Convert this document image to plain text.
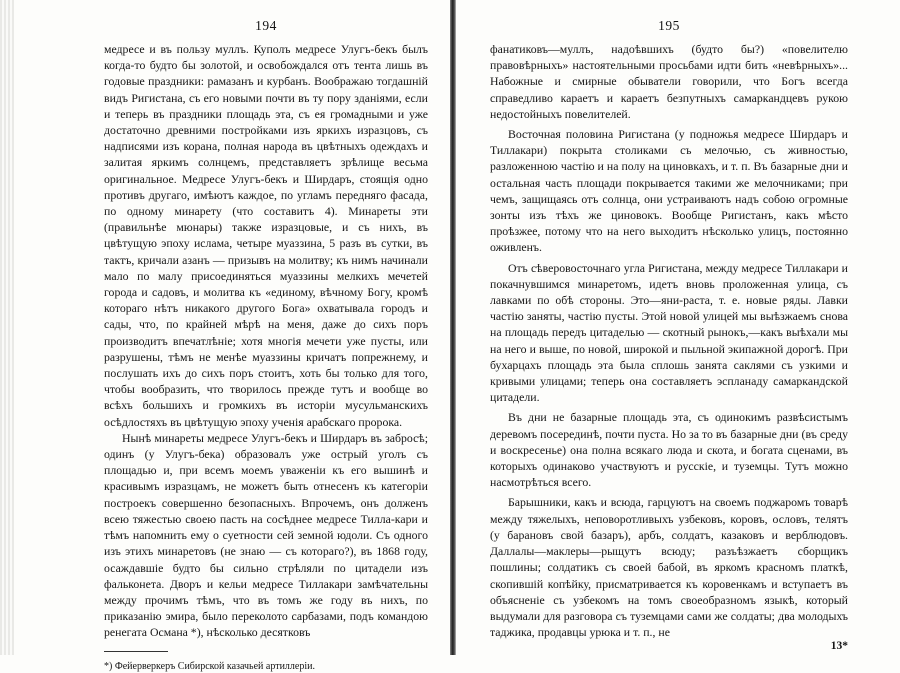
194

медресе и въ пользу муллъ. Куполъ медресе Улугъ-бекъ былъ когда-то будто бы золотой, и освобождался отъ тента лишь въ годовые праздники: рамазанъ и курбанъ. Воображаю тогдашній видъ Ригистана, съ его новыми почти въ ту пору зданіями, если и теперь въ праздники площадь эта, съ ея громадными и уже достаточно древними постройками изъ яркихъ изразцовъ, съ надписями изъ корана, полная народа въ цвѣтныхъ одеждахъ и залитая яркимъ солнцемъ, представляетъ зрѣлище весьма оригинальное. Медресе Улугъ-бекъ и Ширдаръ, стоящія одно противъ другаго, имѣютъ каждое, по угламъ передняго фасада, по одному минарету (что составитъ 4). Минареты эти (правильнѣе мюнары) также изразцовые, и съ нихъ, въ цвѣтущую эпоху ислама, четыре муаззина, 5 разъ въ сутки, въ тактъ, кричали азанъ — призывъ на молитву; къ нимъ начинали мало по малу присоединяться муаззины мелкихъ мечетей города и садовъ, и молитва къ «единому, вѣчному Богу, кромѣ котораго нѣтъ никакого другого Бога» охватывала городъ и сады, что, по крайней мѣрѣ на меня, даже до сихъ поръ производитъ впечатлѣніе; хотя многія мечети уже пусты, или разрушены, тѣмъ не менѣе муаззины кричатъ попрежнему, и послушать ихъ до сихъ поръ стоитъ, хоть бы только для того, чтобы вообразить, что творилось прежде тутъ и вообще во всѣхъ большихъ и громкихъ въ исторіи мусульманскихъ осѣдлостяхъ въ цвѣтущую эпоху ученія арабскаго пророка.

Нынѣ минареты медресе Улугъ-бекъ и Ширдаръ въ забросѣ; одинъ (у Улугъ-бека) образовалъ уже острый уголъ съ площадью и, при всемъ моемъ уваженіи къ его вышинѣ и красивымъ изразцамъ, не можетъ быть отнесенъ къ категоріи построекъ совершенно безопасныхъ. Впрочемъ, онъ долженъ всею тяжестью своею пасть на сосѣднее медресе Тилла-кари и тѣмъ напомнить ему о суетности сей земной юдоли. Съ одного изъ этихъ минаретовъ (не знаю — съ котораго?), въ 1868 году, осаждавшіе будто бы сильно стрѣляли по цитадели изъ фальконета. Дворъ и кельи медресе Тиллакари замѣчательны между прочимъ тѣмъ, что въ томъ же году въ нихъ, по приказанію эмира, было переколото сарбазами, подъ командою ренегата Османа *), нѣсколько десятковъ

*) Фейерверкеръ Сибирской казачьей артиллеріи.
195

фанатиковъ—муллъ, надоѣвшихъ (будто бы?) «повелителю правовѣрныхъ» настоятельными просьбами идти бить «невѣрныхъ»... Набожные и смирные обыватели говорили, что Богъ всегда справедливо караетъ и караетъ безпутныхъ самаркандцевъ рукою недостойныхъ повелителей.

Восточная половина Ригистана (у подножья медресе Ширдаръ и Тиллакари) покрыта столиками съ мелочью, съ живностью, разложенною частію и на полу на циновкахъ, и т. п. Въ базарные дни и остальная часть площади покрывается такими же мелочниками; при чемъ, защищаясь отъ солнца, они устраиваютъ надъ собою огромные зонты изъ тѣхъ же циновокъ. Вообще Ригистанъ, какъ мѣсто проѣзжее, потому что на него выходитъ нѣсколько улицъ, постоянно оживленъ.

Отъ сѣверовосточнаго угла Ригистана, между медресе Тиллакари и покачнувшимся минаретомъ, идетъ вновь проложенная улица, съ лавками по обѣ стороны. Это—яни-раста, т. е. новые ряды. Лавки частію заняты, частію пусты. Этой новой улицей мы выѣзжаемъ снова на площадь передъ цитаделью — скотный рынокъ,—какъ выѣхали мы на него и выше, по новой, широкой и пыльной экипажной дорогѣ. При бухарцахъ площадь эта была сплошь занята саклями съ узкими и кривыми улицами; теперь она составляетъ эспланаду самаркандской цитадели.

Въ дни не базарные площадь эта, съ одинокимъ развѣсистымъ деревомъ посерединѣ, почти пуста. Но за то въ базарные дни (въ среду и воскресенье) она полна всякаго люда и скота, и богата сценами, въ которыхъ одинаково участвуютъ и русскіе, и туземцы. Тутъ можно насмотрѣться всего.

Барышники, какъ и всюда, гарцуютъ на своемъ поджаромъ товарѣ между тяжелыхъ, неповоротливыхъ узбековъ, коровъ, ословъ, телятъ (у барановъ свой базаръ), арбъ, солдатъ, казаковъ и верблюдовъ. Даллалы—маклеры—рыщутъ всюду; разъѣзжаетъ сборщикъ пошлины; солдатикъ съ своей бабой, въ яркомъ красномъ платкѣ, скопившій копѣйку, присматривается къ коровенкамъ и вступаетъ въ объясненіе съ узбекомъ на томъ своеобразномъ языкѣ, который выдумали для разговора съ туземцами сами же солдаты; два молодыхъ таджика, продавцы урюка и т. п., не

13*
